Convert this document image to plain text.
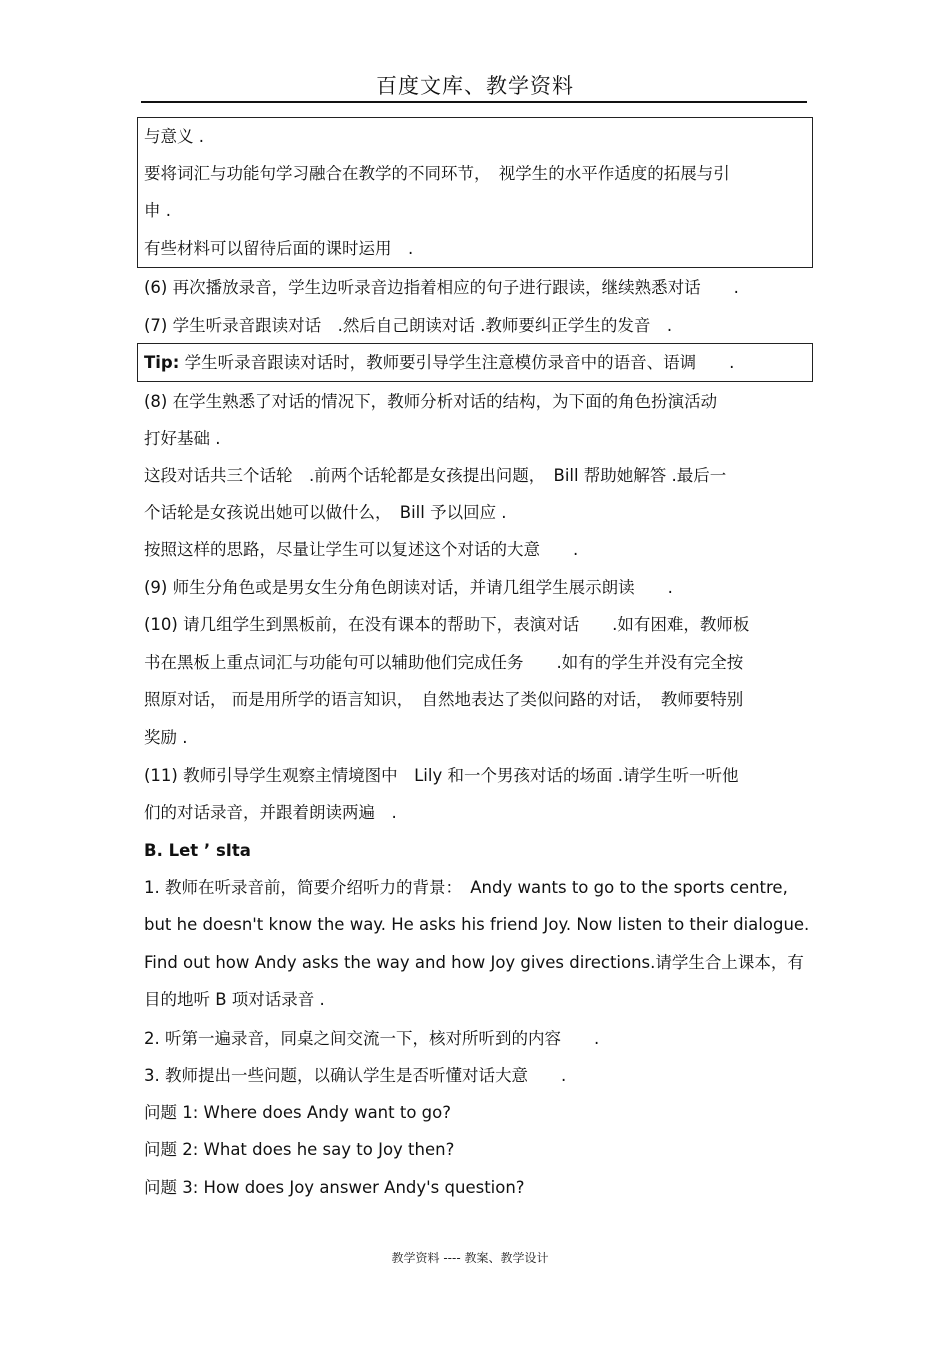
百度文库、教学资料
与意义 .
要将词汇与功能句学习融合在教学的不同环节，　视学生的水平作适度的拓展与引
申 .
有些材料可以留待后面的课时运用　.
(6) 再次播放录音，学生边听录音边指着相应的句子进行跟读，继续熟悉对话　　.
(7) 学生听录音跟读对话　.然后自己朗读对话 .教师要纠正学生的发音　.
Tip: 学生听录音跟读对话时，教师要引导学生注意模仿录音中的语音、语调　　.
(8) 在学生熟悉了对话的情况下，教师分析对话的结构，为下面的角色扮演活动
打好基础 .
这段对话共三个话轮　.前两个话轮都是女孩提出问题，　Bill 帮助她解答 .最后一
个话轮是女孩说出她可以做什么，　Bill 予以回应 .
按照这样的思路，尽量让学生可以复述这个对话的大意　　.
(9) 师生分角色或是男女生分角色朗读对话，并请几组学生展示朗读　　.
(10) 请几组学生到黑板前，在没有课本的帮助下，表演对话　　.如有困难，教师板
书在黑板上重点词汇与功能句可以辅助他们完成任务　　.如有的学生并没有完全按
照原对话， 而是用所学的语言知识，　自然地表达了类似问路的对话，　教师要特别
奖励 .
(11) 教师引导学生观察主情境图中　Lily 和一个男孩对话的场面 .请学生听一听他
们的对话录音，并跟着朗读两遍　.
B. Let ’ sIta
1. 教师在听录音前，简要介绍听力的背景：　Andy wants to go to the sports centre,
but he doesn't know the way. He asks his friend Joy. Now listen to their dialogue.
Find out how Andy asks the way and how Joy gives directions.请学生合上课本，有
目的地听 B 项对话录音 .
2. 听第一遍录音，同桌之间交流一下，核对所听到的内容　　.
3. 教师提出一些问题，以确认学生是否听懂对话大意　　.
问题 1: Where does Andy want to go?
问题 2: What does he say to Joy then?
问题 3: How does Joy answer Andy's question?
教学资料 ---- 教案、教学设计
